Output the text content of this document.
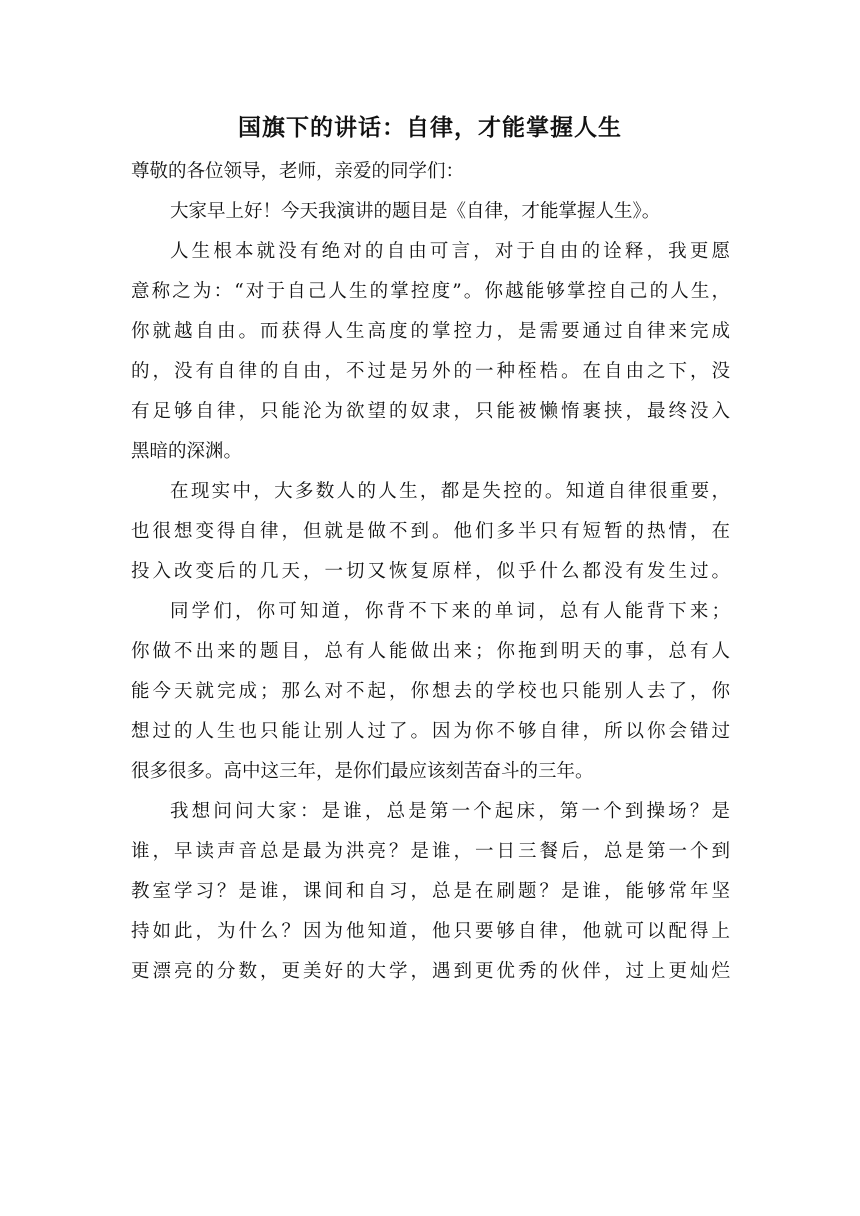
国旗下的讲话：自律，才能掌握人生
尊敬的各位领导，老师，亲爱的同学们：
大家早上好！今天我演讲的题目是《自律，才能掌握人生》。
人生根本就没有绝对的自由可言，对于自由的诠释，我更愿
意称之为：“对于自己人生的掌控度”。你越能够掌控自己的人生，
你就越自由。而获得人生高度的掌控力，是需要通过自律来完成
的，没有自律的自由，不过是另外的一种桎梏。在自由之下，没
有足够自律，只能沦为欲望的奴隶，只能被懒惰裹挟，最终没入
黑暗的深渊。
在现实中，大多数人的人生，都是失控的。知道自律很重要，
也很想变得自律，但就是做不到。他们多半只有短暂的热情，在
投入改变后的几天，一切又恢复原样，似乎什么都没有发生过。
同学们，你可知道，你背不下来的单词，总有人能背下来；
你做不出来的题目，总有人能做出来；你拖到明天的事，总有人
能今天就完成；那么对不起，你想去的学校也只能别人去了，你
想过的人生也只能让别人过了。因为你不够自律，所以你会错过
很多很多。高中这三年，是你们最应该刻苦奋斗的三年。
我想问问大家：是谁，总是第一个起床，第一个到操场？是
谁，早读声音总是最为洪亮？是谁，一日三餐后，总是第一个到
教室学习？是谁，课间和自习，总是在刷题？是谁，能够常年坚
持如此，为什么？因为他知道，他只要够自律，他就可以配得上
更漂亮的分数，更美好的大学，遇到更优秀的伙伴，过上更灿烂
